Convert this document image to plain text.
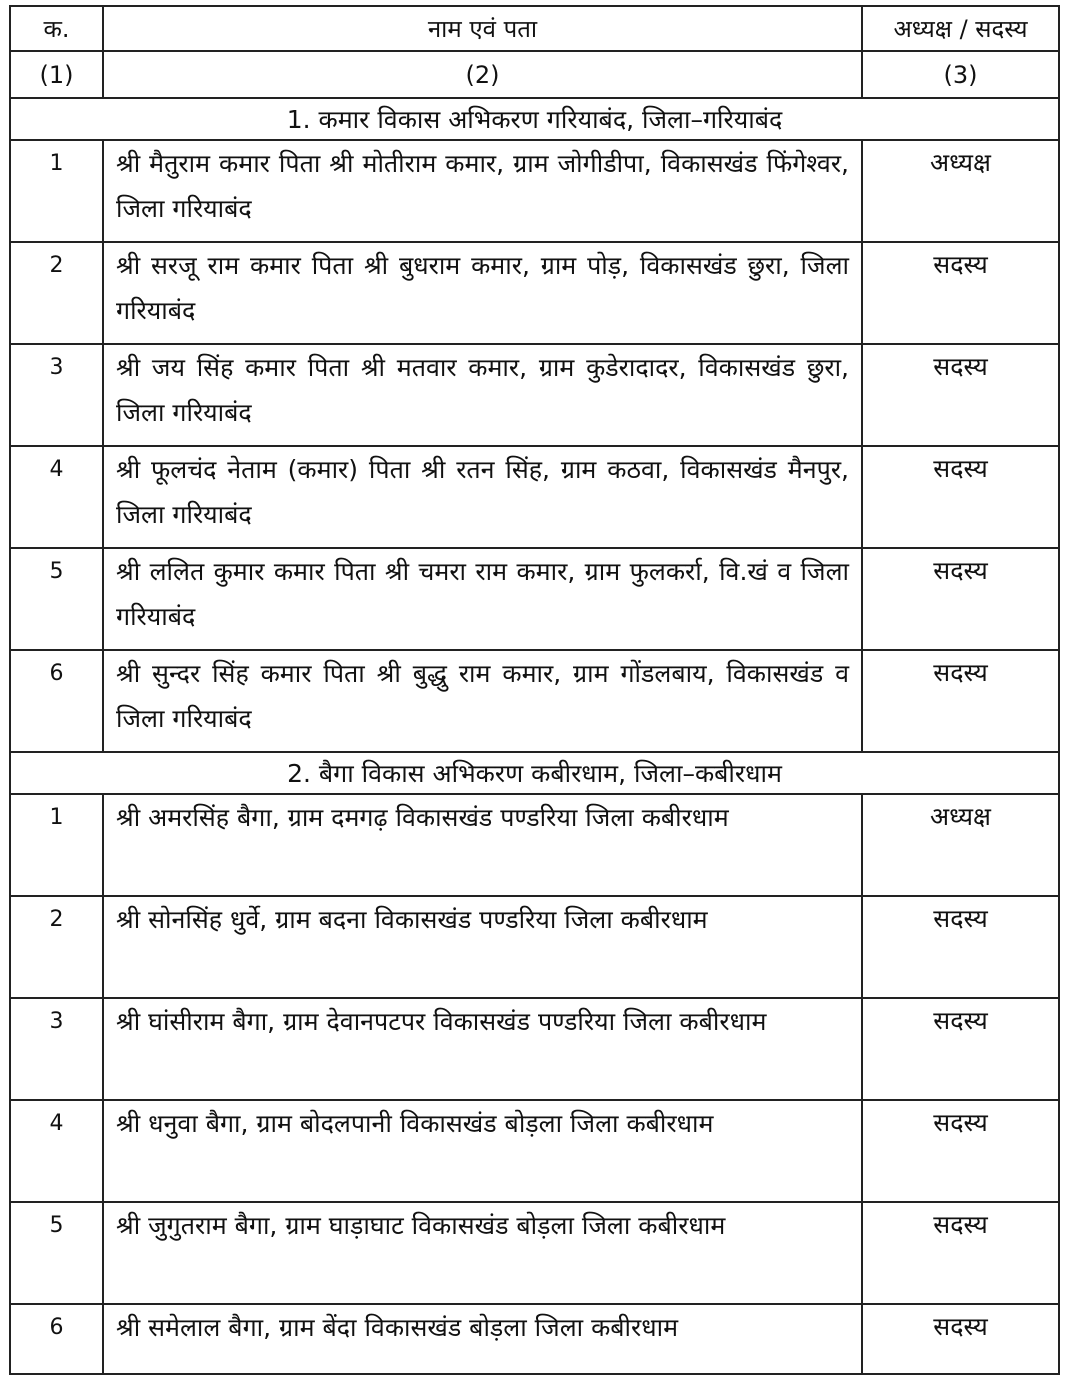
क.	नाम एवं पता	अध्यक्ष / सदस्य
(1)	(2)	(3)
1. कमार विकास अभिकरण गरियाबंद, जिला–गरियाबंद		
1	श्री मैतुराम कमार पिता श्री मोतीराम कमार, ग्राम जोगीडीपा, विकासखंड फिंगेश्वर, जिला गरियाबंद	अध्यक्ष
2	श्री सरजू राम कमार पिता श्री बुधराम कमार, ग्राम पोड़, विकासखंड छुरा, जिला गरियाबंद	सदस्य
3	श्री जय सिंह कमार पिता श्री मतवार कमार, ग्राम कुडेरादादर, विकासखंड छुरा, जिला गरियाबंद	सदस्य
4	श्री फूलचंद नेताम (कमार) पिता श्री रतन सिंह, ग्राम कठवा, विकासखंड मैनपुर, जिला गरियाबंद	सदस्य
5	श्री ललित कुमार कमार पिता श्री चमरा राम कमार, ग्राम फुलकर्रा, वि.खं व जिला गरियाबंद	सदस्य
6	श्री सुन्दर सिंह कमार पिता श्री बुद्धु राम कमार, ग्राम गोंडलबाय, विकासखंड व जिला गरियाबंद	सदस्य
2. बैगा विकास अभिकरण कबीरधाम, जिला–कबीरधाम		
1	श्री अमरसिंह बैगा, ग्राम दमगढ़ विकासखंड पण्डरिया जिला कबीरधाम	अध्यक्ष
2	श्री सोनसिंह धुर्वे, ग्राम बदना विकासखंड पण्डरिया जिला कबीरधाम	सदस्य
3	श्री घांसीराम बैगा, ग्राम देवानपटपर विकासखंड पण्डरिया जिला कबीरधाम	सदस्य
4	श्री धनुवा बैगा, ग्राम बोदलपानी विकासखंड बोड़ला जिला कबीरधाम	सदस्य
5	श्री जुगुतराम बैगा, ग्राम घाड़ाघाट विकासखंड बोड़ला जिला कबीरधाम	सदस्य
6	श्री समेलाल बैगा, ग्राम बेंदा विकासखंड बोड़ला जिला कबीरधाम	सदस्य
